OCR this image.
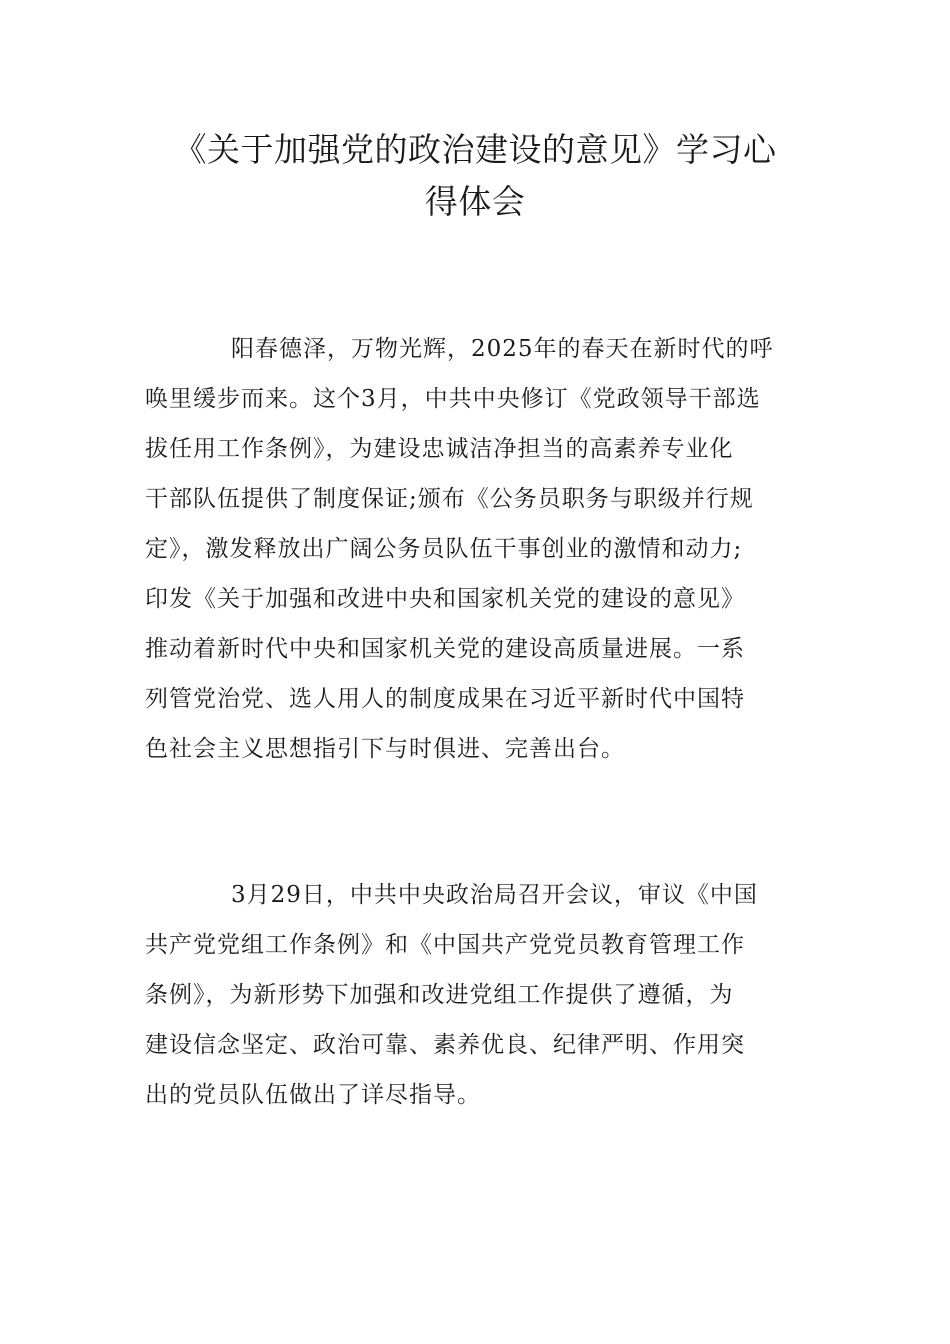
《关于加强党的政治建设的意见》学习心
得体会

阳春德泽，万物光辉，2025年的春天在新时代的呼
唤里缓步而来。这个3月，中共中央修订《党政领导干部选
拔任用工作条例》，为建设忠诚洁净担当的高素养专业化
干部队伍提供了制度保证;颁布《公务员职务与职级并行规
定》，激发释放出广阔公务员队伍干事创业的激情和动力;
印发《关于加强和改进中央和国家机关党的建设的意见》
推动着新时代中央和国家机关党的建设高质量进展。一系
列管党治党、选人用人的制度成果在习近平新时代中国特
色社会主义思想指引下与时俱进、完善出台。

3月29日，中共中央政治局召开会议，审议《中国
共产党党组工作条例》和《中国共产党党员教育管理工作
条例》，为新形势下加强和改进党组工作提供了遵循，为
建设信念坚定、政治可靠、素养优良、纪律严明、作用突
出的党员队伍做出了详尽指导。
